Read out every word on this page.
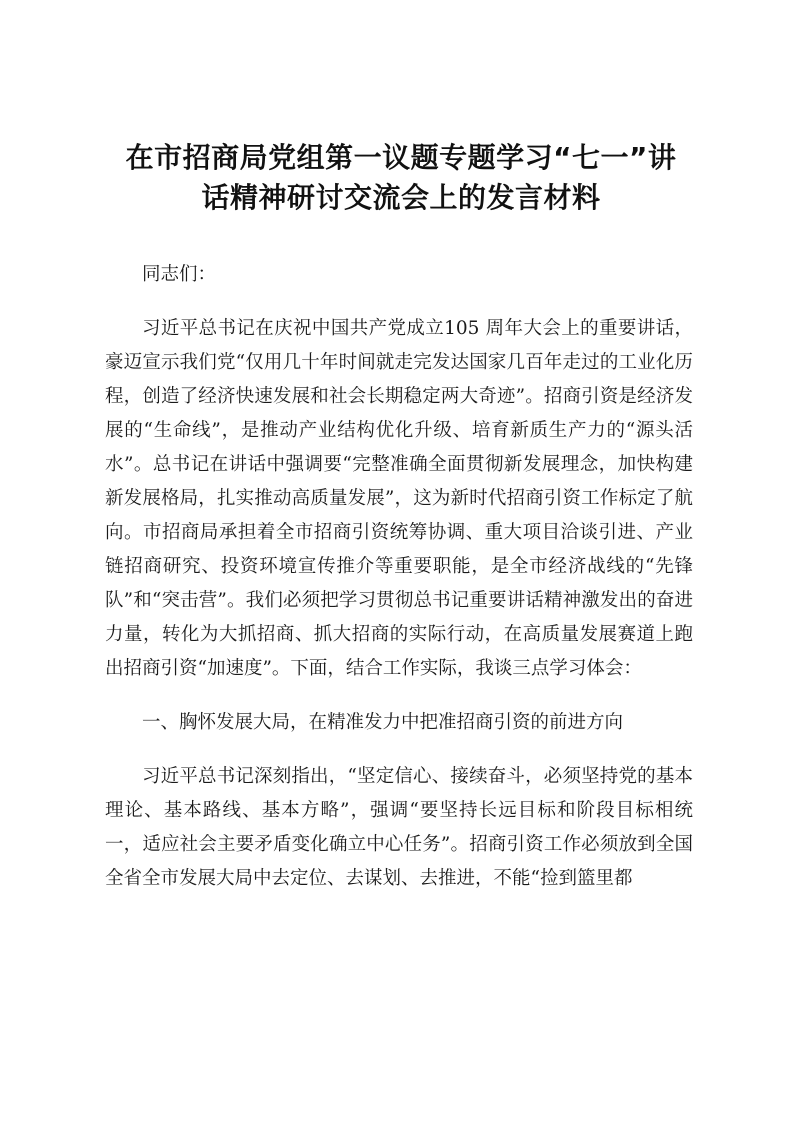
在市招商局党组第一议题专题学习“七一”讲
话精神研讨交流会上的发言材料

同志们：

习近平总书记在庆祝中国共产党成立105 周年大会上的重要讲话，豪迈宣示我们党“仅用几十年时间就走完发达国家几百年走过的工业化历程，创造了经济快速发展和社会长期稳定两大奇迹”。招商引资是经济发展的“生命线”，是推动产业结构优化升级、培育新质生产力的“源头活水”。总书记在讲话中强调要“完整准确全面贯彻新发展理念，加快构建新发展格局，扎实推动高质量发展”，这为新时代招商引资工作标定了航向。市招商局承担着全市招商引资统筹协调、重大项目洽谈引进、产业链招商研究、投资环境宣传推介等重要职能，是全市经济战线的“先锋队”和“突击营”。我们必须把学习贯彻总书记重要讲话精神激发出的奋进力量，转化为大抓招商、抓大招商的实际行动，在高质量发展赛道上跑出招商引资“加速度”。下面，结合工作实际，我谈三点学习体会：

一、胸怀发展大局，在精准发力中把准招商引资的前进方向

习近平总书记深刻指出，“坚定信心、接续奋斗，必须坚持党的基本理论、基本路线、基本方略”，强调“要坚持长远目标和阶段目标相统一，适应社会主要矛盾变化确立中心任务”。招商引资工作必须放到全国全省全市发展大局中去定位、去谋划、去推进，不能“捡到篮里都
